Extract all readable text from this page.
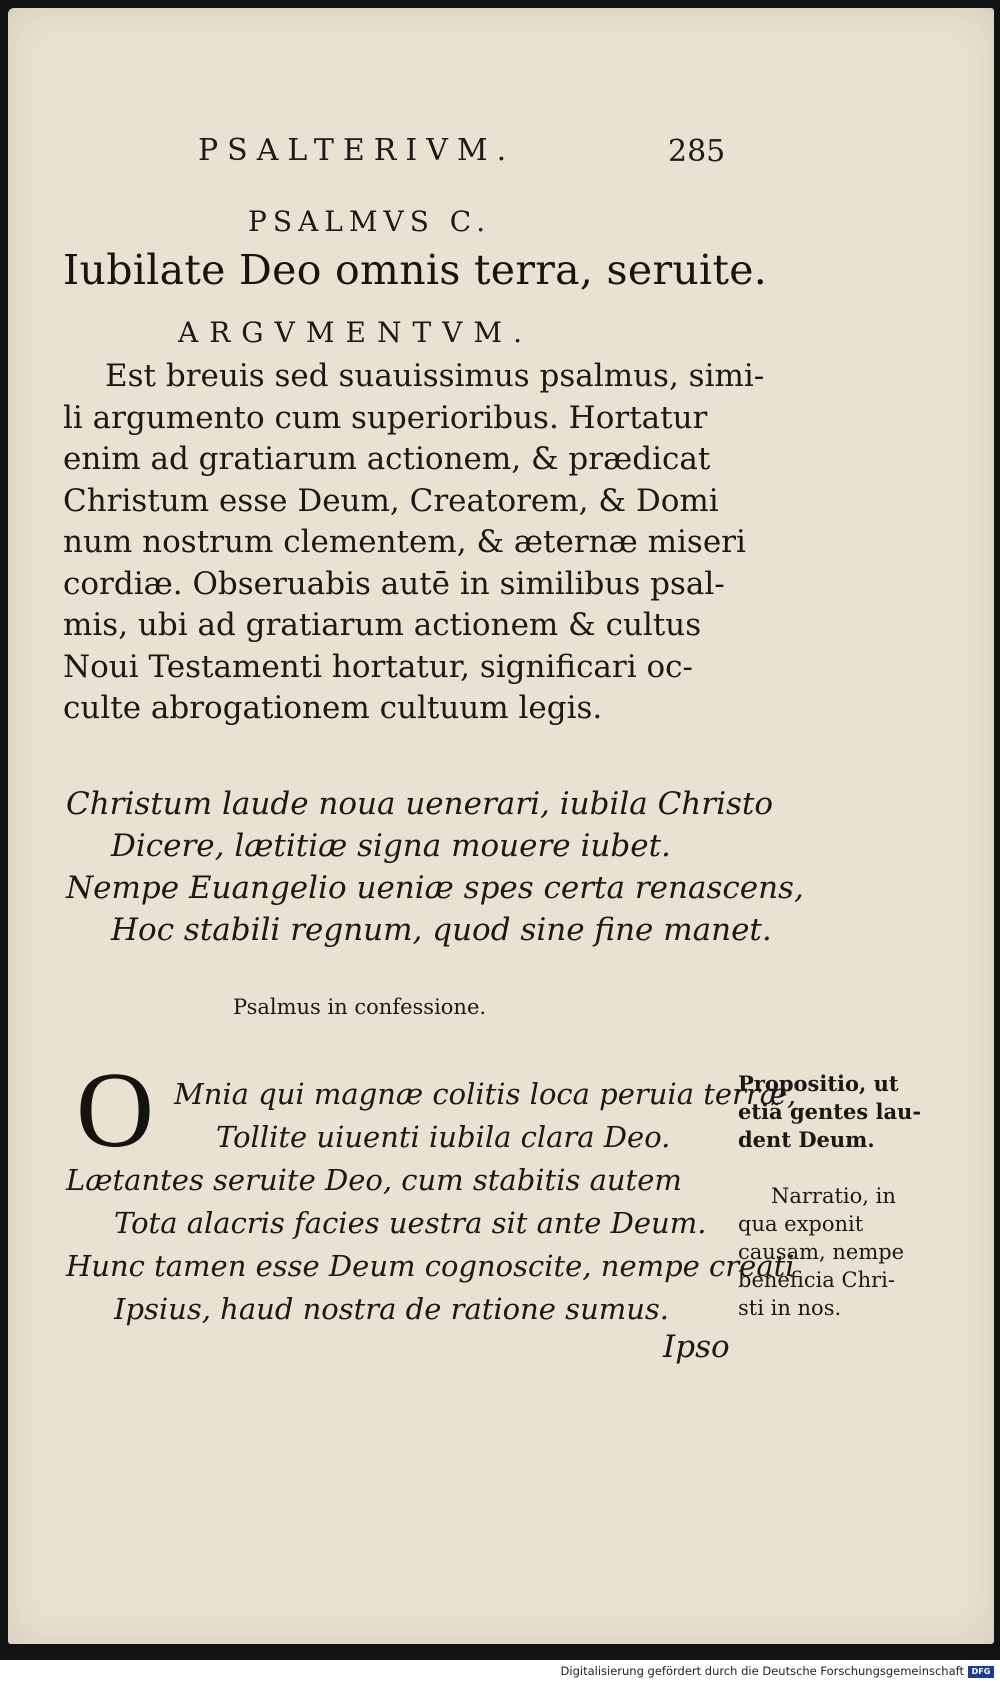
PSALTERIVM.	285
PSALMVS C.
Iubilate Deo omnis terra, seruite.
ARGVMENTVM.
Est breuis sed suauissimus psalmus, simi-
li argumento cum superioribus. Hortatur
enim ad gratiarum actionem, & prædicat
Christum esse Deum, Creatorem, & Domi
num nostrum clementem, & æternæ miseri
cordiæ. Obseruabis autē in similibus psal-
mis, ubi ad gratiarum actionem & cultus
Noui Testamenti hortatur, significari oc-
culte abrogationem cultuum legis.
Christum laude noua uenerari, iubila Christo
Dicere, lætitiæ signa mouere iubet.
Nempe Euangelio ueniæ spes certa renascens,
Hoc stabili regnum, quod sine fine manet.
Psalmus in confessione.
O Mnia qui magnæ colitis loca peruia terræ,
Tollite uiuenti iubila clara Deo.
Lætantes seruite Deo, cum stabitis autem
Tota alacris facies uestra sit ante Deum.
Hunc tamen esse Deum cognoscite, nempe creati
Ipsius, haud nostra de ratione sumus.
Propositio, ut
etiã gentes lau-
dent Deum.
Narratio, in
qua exponit
causam, nempe
beneficia Chri-
sti in nos.
Ipso
Digitalisierung gefördert durch die Deutsche Forschungsgemeinschaft DFG
